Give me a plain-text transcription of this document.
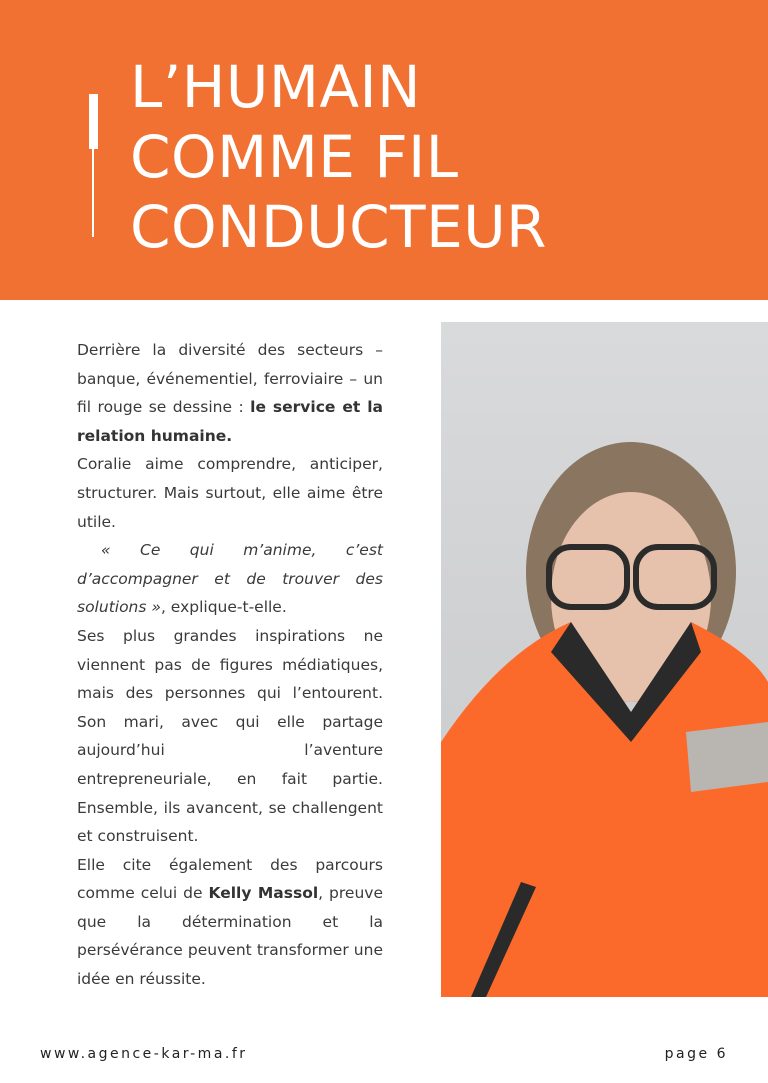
L’HUMAIN
COMME FIL
CONDUCTEUR

Derrière la diversité des secteurs – banque, événementiel, ferroviaire – un fil rouge se dessine : le service et la relation humaine.

Coralie aime comprendre, anticiper, structurer. Mais surtout, elle aime être utile.

« Ce qui m’anime, c’est d’accompagner et de trouver des solutions », explique-t-elle.

Ses plus grandes inspirations ne viennent pas de figures médiatiques, mais des personnes qui l’entourent. Son mari, avec qui elle partage aujourd’hui l’aventure entrepreneuriale, en fait partie. Ensemble, ils avancent, se challengent et construisent.

Elle cite également des parcours comme celui de Kelly Massol, preuve que la détermination et la persévérance peuvent transformer une idée en réussite.

www.agence-kar-ma.fr	page 6
